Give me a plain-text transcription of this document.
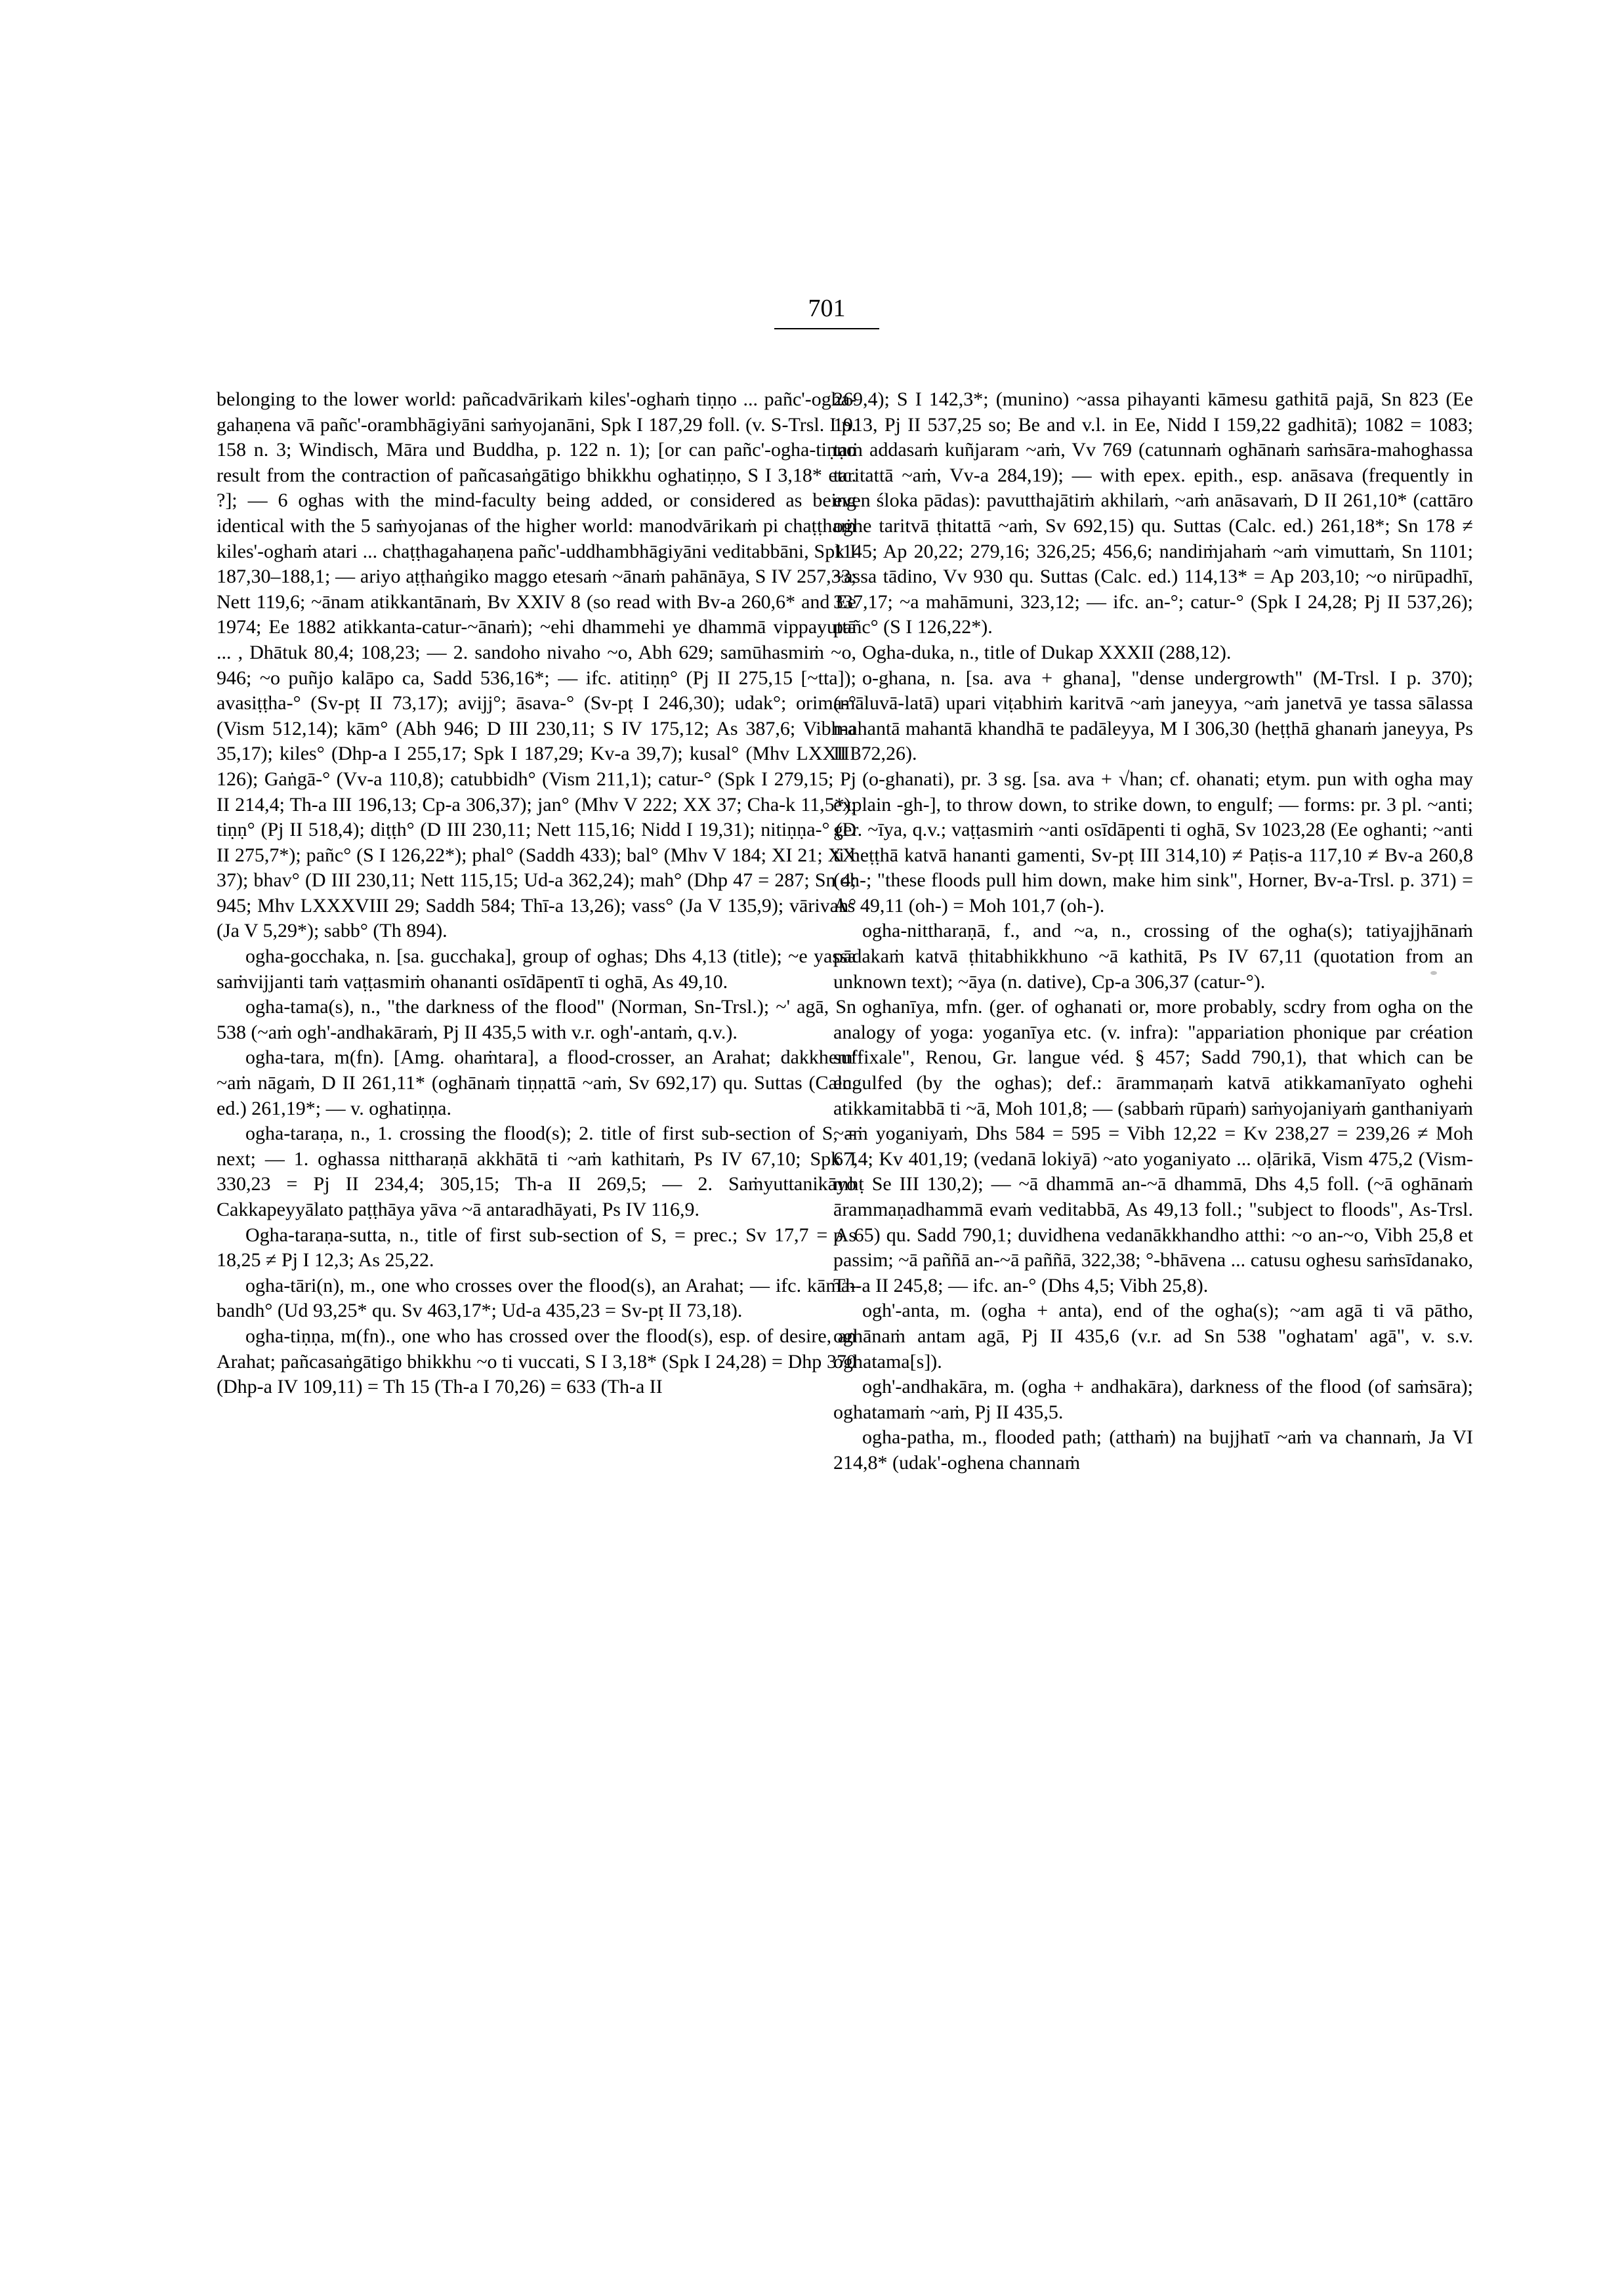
701

belonging to the lower world: pañcadvārikaṁ kiles'-oghaṁ tiṇṇo ... pañc'-ogha-gahaṇena vā pañc'-orambhāgiyāni saṁyojanāni, Spk I 187,29 foll. (v. S-Trsl. I p. 158 n. 3; Windisch, Māra und Buddha, p. 122 n. 1); [or can pañc'-ogha-tiṇṇo result from the contraction of pañcasaṅgātigo bhikkhu oghatiṇṇo, S I 3,18* etc. ?]; — 6 oghas with the mind-faculty being added, or considered as being identical with the 5 saṁyojanas of the higher world: manodvārikaṁ pi chaṭṭhaṁ kiles'-oghaṁ atari ... chaṭṭhagahaṇena pañc'-uddhambhāgiyāni veditabbāni, Spk I 187,30–188,1; — ariyo aṭṭhaṅgiko maggo etesaṁ ~ānaṁ pahānāya, S IV 257,33; Nett 119,6; ~ānam atikkantānaṁ, Bv XXIV 8 (so read with Bv-a 260,6* and Ee 1974; Ee 1882 atikkanta-catur-~ānaṁ); ~ehi dhammehi ye dhammā vippayuttā ... , Dhātuk 80,4; 108,23; — 2. sandoho nivaho ~o, Abh 629; samūhasmiṁ ~o, 946; ~o puñjo kalāpo ca, Sadd 536,16*; — ifc. atitiṇṇ° (Pj II 275,15 [~tta]); avasiṭṭha-° (Sv-pṭ II 73,17); avijj°; āsava-° (Sv-pṭ I 246,30); udak°; orima-° (Vism 512,14); kām° (Abh 946; D III 230,11; S IV 175,12; As 387,6; Vibh-a 35,17); kiles° (Dhp-a I 255,17; Spk I 187,29; Kv-a 39,7); kusal° (Mhv LXXIII 126); Gaṅgā-° (Vv-a 110,8); catubbidh° (Vism 211,1); catur-° (Spk I 279,15; Pj II 214,4; Th-a III 196,13; Cp-a 306,37); jan° (Mhv V 222; XX 37; Cha-k 11,5*); tiṇṇ° (Pj II 518,4); diṭṭh° (D III 230,11; Nett 115,16; Nidd I 19,31); nitiṇṇa-° (D II 275,7*); pañc° (S I 126,22*); phal° (Saddh 433); bal° (Mhv V 184; XI 21; XX 37); bhav° (D III 230,11; Nett 115,15; Ud-a 362,24); mah° (Dhp 47 = 287; Sn 4; 945; Mhv LXXXVIII 29; Saddh 584; Thī-a 13,26); vass° (Ja V 135,9); vārivah° (Ja V 5,29*); sabb° (Th 894).

ogha-gocchaka, n. [sa. gucchaka], group of oghas; Dhs 4,13 (title); ~e yassa saṁvijjanti taṁ vaṭṭasmiṁ ohananti osīdāpentī ti oghā, As 49,10.

ogha-tama(s), n., "the darkness of the flood" (Norman, Sn-Trsl.); ~' agā, Sn 538 (~aṁ ogh'-andhakāraṁ, Pj II 435,5 with v.r. ogh'-antaṁ, q.v.).

ogha-tara, m(fn). [Amg. ohaṁtara], a flood-crosser, an Arahat; dakkhem' ~aṁ nāgaṁ, D II 261,11* (oghānaṁ tiṇṇattā ~aṁ, Sv 692,17) qu. Suttas (Calc. ed.) 261,19*; — v. oghatiṇṇa.

ogha-taraṇa, n., 1. crossing the flood(s); 2. title of first sub-section of S, = next; — 1. oghassa nittharaṇā akkhātā ti ~aṁ kathitaṁ, Ps IV 67,10; Spk I 330,23 = Pj II 234,4; 305,15; Th-a II 269,5; — 2. Saṁyuttanikāyo Cakkapeyyālato paṭṭhāya yāva ~ā antaradhāyati, Ps IV 116,9.

Ogha-taraṇa-sutta, n., title of first sub-section of S, = prec.; Sv 17,7 = As 18,25 ≠ Pj I 12,3; As 25,22.

ogha-tāri(n), m., one who crosses over the flood(s), an Arahat; — ifc. kāma-bandh° (Ud 93,25* qu. Sv 463,17*; Ud-a 435,23 = Sv-pṭ II 73,18).

ogha-tiṇṇa, m(fn)., one who has crossed over the flood(s), esp. of desire, an Arahat; pañcasaṅgātigo bhikkhu ~o ti vuccati, S I 3,18* (Spk I 24,28) = Dhp 370 (Dhp-a IV 109,11) = Th 15 (Th-a I 70,26) = 633 (Th-a II

269,4); S I 142,3*; (munino) ~assa pihayanti kāmesu gathitā pajā, Sn 823 (Ee 1913, Pj II 537,25 so; Be and v.l. in Ee, Nidd I 159,22 gadhitā); 1082 = 1083; taṁ addasaṁ kuñjaram ~aṁ, Vv 769 (catunnaṁ oghānaṁ saṁsāra-mahoghassa taritattā ~aṁ, Vv-a 284,19); — with epex. epith., esp. anāsava (frequently in even śloka pādas): pavutthajātiṁ akhilaṁ, ~aṁ anāsavaṁ, D II 261,10* (cattāro oghe taritvā ṭhitattā ~aṁ, Sv 692,15) qu. Suttas (Calc. ed.) 261,18*; Sn 178 ≠ 1145; Ap 20,22; 279,16; 326,25; 456,6; nandiṁjahaṁ ~aṁ vimuttaṁ, Sn 1101; ~assa tādino, Vv 930 qu. Suttas (Calc. ed.) 114,13* = Ap 203,10; ~o nirūpadhī, 337,17; ~a mahāmuni, 323,12; — ifc. an-°; catur-° (Spk I 24,28; Pj II 537,26); pañc° (S I 126,22*).

Ogha-duka, n., title of Dukap XXXII (288,12).

o-ghana, n. [sa. ava + ghana], "dense undergrowth" (M-Trsl. I p. 370); (māluvā-latā) upari viṭabhiṁ karitvā ~aṁ janeyya, ~aṁ janetvā ye tassa sālassa mahantā mahantā khandhā te padāleyya, M I 306,30 (heṭṭhā ghanaṁ janeyya, Ps II 372,26).

(o-ghanati), pr. 3 sg. [sa. ava + √han; cf. ohanati; etym. pun with ogha may explain -gh-], to throw down, to strike down, to engulf; — forms: pr. 3 pl. ~anti; ger. ~īya, q.v.; vaṭṭasmiṁ ~anti osīdāpenti ti oghā, Sv 1023,28 (Ee oghanti; ~anti ti heṭṭhā katvā hananti gamenti, Sv-pṭ III 314,10) ≠ Paṭis-a 117,10 ≠ Bv-a 260,8 (oh-; "these floods pull him down, make him sink", Horner, Bv-a-Trsl. p. 371) = As 49,11 (oh-) = Moh 101,7 (oh-).

ogha-nittharaṇā, f., and ~a, n., crossing of the ogha(s); tatiyajjhānaṁ pādakaṁ katvā ṭhitabhikkhuno ~ā kathitā, Ps IV 67,11 (quotation from an unknown text); ~āya (n. dative), Cp-a 306,37 (catur-°).

oghanīya, mfn. (ger. of oghanati or, more probably, scdry from ogha on the analogy of yoga: yoganīya etc. (v. infra): "appariation phonique par création suffixale", Renou, Gr. langue véd. § 457; Sadd 790,1), that which can be engulfed (by the oghas); def.: ārammaṇaṁ katvā atikkamanīyato oghehi atikkamitabbā ti ~ā, Moh 101,8; — (sabbaṁ rūpaṁ) saṁyojaniyaṁ ganthaniyaṁ ~aṁ yoganiyaṁ, Dhs 584 = 595 = Vibh 12,22 = Kv 238,27 = 239,26 ≠ Moh 67,4; Kv 401,19; (vedanā lokiyā) ~ato yoganiyato ... oḷārikā, Vism 475,2 (Vism-mhṭ Se III 130,2); — ~ā dhammā an-~ā dhammā, Dhs 4,5 foll. (~ā oghānaṁ ārammaṇadhammā evaṁ veditabbā, As 49,13 foll.; "subject to floods", As-Trsl. p. 65) qu. Sadd 790,1; duvidhena vedanākkhandho atthi: ~o an-~o, Vibh 25,8 et passim; ~ā paññā an-~ā paññā, 322,38; °-bhāvena ... catusu oghesu saṁsīdanako, Th-a II 245,8; — ifc. an-° (Dhs 4,5; Vibh 25,8).

ogh'-anta, m. (ogha + anta), end of the ogha(s); ~am agā ti vā pāthο, oghānaṁ antam agā, Pj II 435,6 (v.r. ad Sn 538 "oghatam' agā", v. s.v. oghatama[s]).

ogh'-andhakāra, m. (ogha + andhakāra), darkness of the flood (of saṁsāra); oghatamaṁ ~aṁ, Pj II 435,5.

ogha-patha, m., flooded path; (atthaṁ) na bujjhatī ~aṁ va channaṁ, Ja VI 214,8* (udak'-oghena channaṁ
